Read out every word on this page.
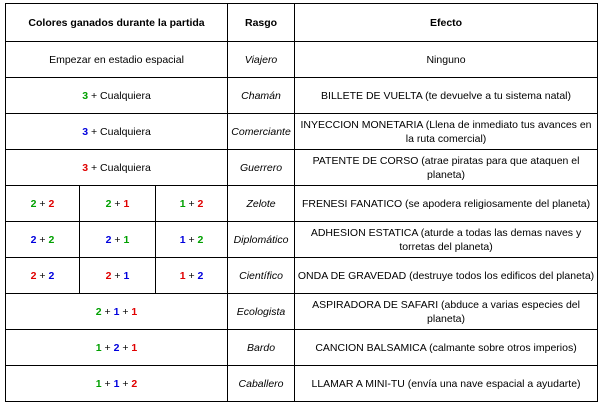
Colores ganados durante la partida			Rasgo	Efecto
Empezar en estadio espacial			Viajero	Ninguno
3 + Cualquiera			Chamán	BILLETE DE VUELTA (te devuelve a tu sistema natal)
3 + Cualquiera			Comerciante	INYECCION MONETARIA (Llena de inmediato tus avances en la ruta comercial)
3 + Cualquiera			Guerrero	PATENTE DE CORSO (atrae piratas para que ataquen el planeta)
2 + 2	2 + 1	1 + 2	Zelote	FRENESI FANATICO (se apodera religiosamente del planeta)
2 + 2	2 + 1	1 + 2	Diplomático	ADHESION ESTATICA (aturde a todas las demas naves y torretas del planeta)
2 + 2	2 + 1	1 + 2	Científico	ONDA DE GRAVEDAD (destruye todos los edificos del planeta)
2 + 1 + 1			Ecologista	ASPIRADORA DE SAFARI (abduce a varias especies del planeta)
1 + 2 + 1			Bardo	CANCION BALSAMICA (calmante sobre otros imperios)
1 + 1 + 2			Caballero	LLAMAR A MINI-TU (envía una nave espacial a ayudarte)
